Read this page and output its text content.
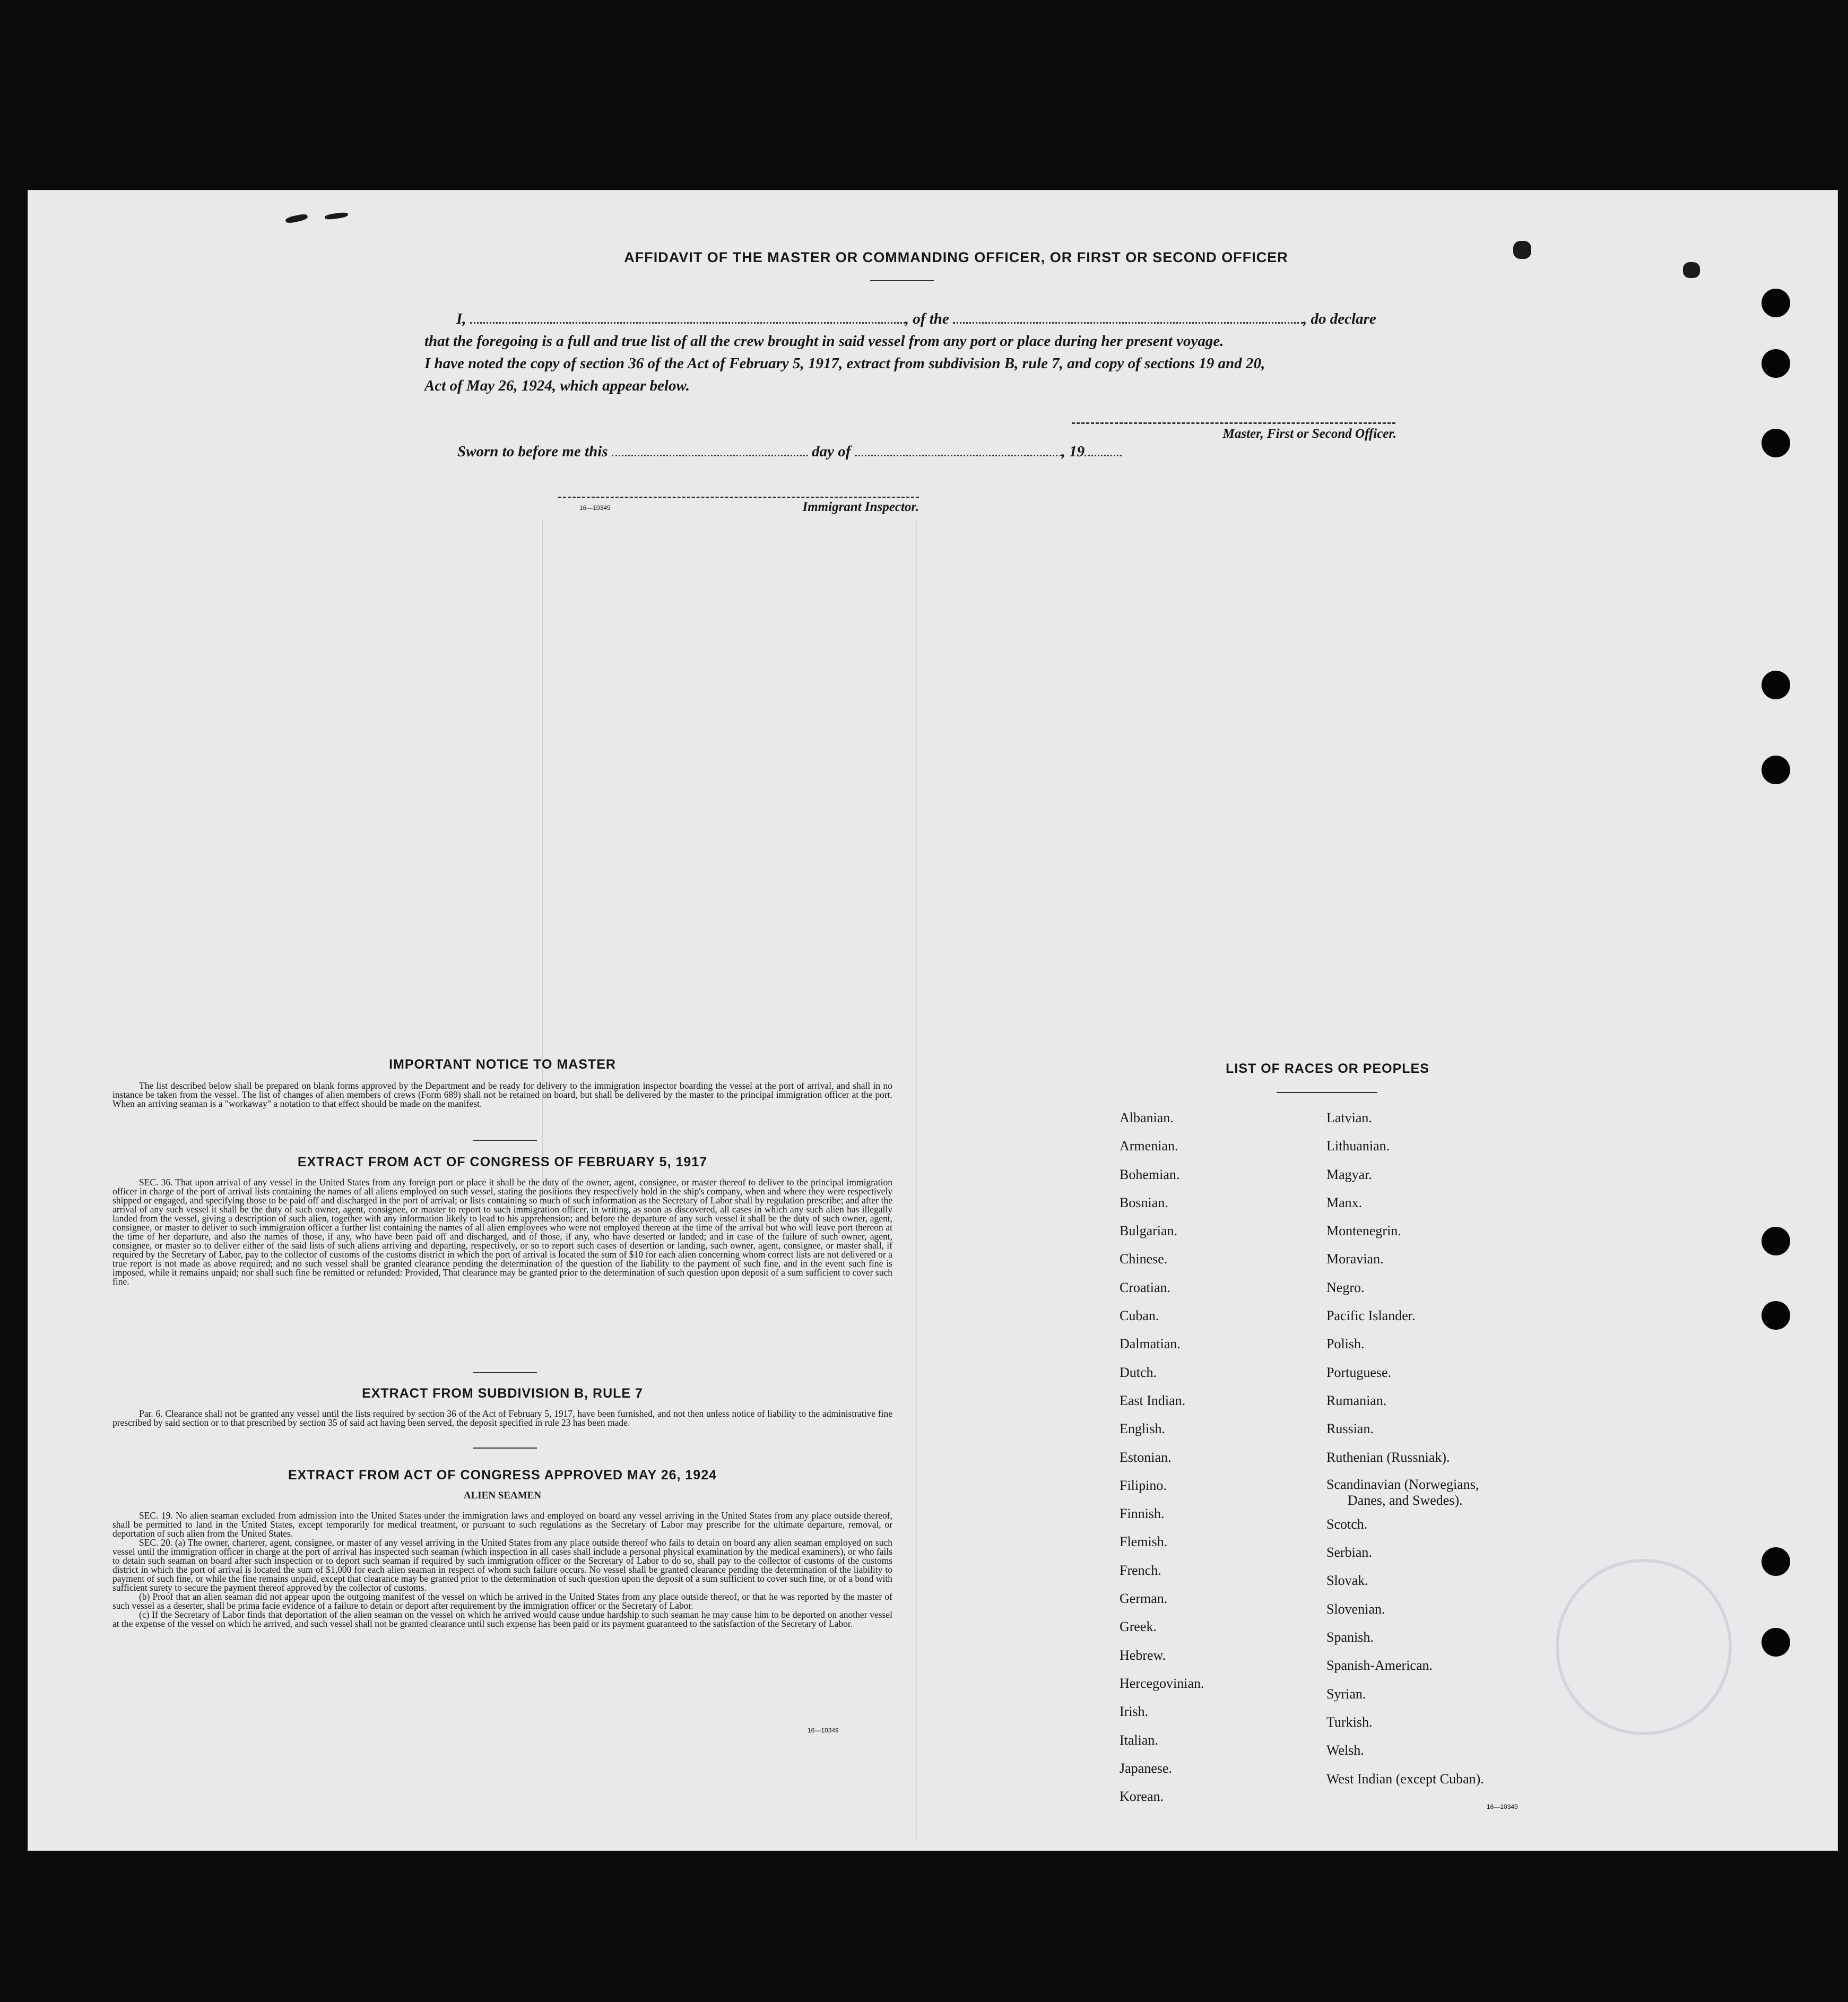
AFFIDAVIT OF THE MASTER OR COMMANDING OFFICER, OR FIRST OR SECOND OFFICER
I,	, of the	, do declare
that the foregoing is a full and true list of all the crew brought in said vessel from any port or place during her present voyage.
I have noted the copy of section 36 of the Act of February 5, 1917, extract from subdivision B, rule 7, and copy of sections 19 and 20,
Act of May 26, 1924, which appear below.
Master, First or Second Officer.
Sworn to before me this	day of	, 19
16—10349	Immigrant Inspector.
IMPORTANT NOTICE TO MASTER

The list described below shall be prepared on blank forms approved by the Department and be ready for delivery to the immigration inspector boarding the vessel at the port of arrival, and shall in no instance be taken from the vessel. The list of changes of alien members of crews (Form 689) shall not be retained on board, but shall be delivered by the master to the principal immigration officer at the port. When an arriving seaman is a "workaway" a notation to that effect should be made on the manifest.

EXTRACT FROM ACT OF CONGRESS OF FEBRUARY 5, 1917

SEC. 36. That upon arrival of any vessel in the United States from any foreign port or place it shall be the duty of the owner, agent, consignee, or master thereof to deliver to the principal immigration officer in charge of the port of arrival lists containing the names of all aliens employed on such vessel, stating the positions they respectively hold in the ship's company, when and where they were respectively shipped or engaged, and specifying those to be paid off and discharged in the port of arrival; or lists containing so much of such information as the Secretary of Labor shall by regulation prescribe; and after the arrival of any such vessel it shall be the duty of such owner, agent, consignee, or master to report to such immigration officer, in writing, as soon as discovered, all cases in which any such alien has illegally landed from the vessel, giving a description of such alien, together with any information likely to lead to his apprehension; and before the departure of any such vessel it shall be the duty of such owner, agent, consignee, or master to deliver to such immigration officer a further list containing the names of all alien employees who were not employed thereon at the time of the arrival but who will leave port thereon at the time of her departure, and also the names of those, if any, who have been paid off and discharged, and of those, if any, who have deserted or landed; and in case of the failure of such owner, agent, consignee, or master so to deliver either of the said lists of such aliens arriving and departing, respectively, or so to report such cases of desertion or landing, such owner, agent, consignee, or master shall, if required by the Secretary of Labor, pay to the collector of customs of the customs district in which the port of arrival is located the sum of $10 for each alien concerning whom correct lists are not delivered or a true report is not made as above required; and no such vessel shall be granted clearance pending the determination of the question of the liability to the payment of such fine, and in the event such fine is imposed, while it remains unpaid; nor shall such fine be remitted or refunded: Provided, That clearance may be granted prior to the determination of such question upon deposit of a sum sufficient to cover such fine.

EXTRACT FROM SUBDIVISION B, RULE 7

Par. 6. Clearance shall not be granted any vessel until the lists required by section 36 of the Act of February 5, 1917, have been furnished, and not then unless notice of liability to the administrative fine prescribed by said section or to that prescribed by section 35 of said act having been served, the deposit specified in rule 23 has been made.

EXTRACT FROM ACT OF CONGRESS APPROVED MAY 26, 1924
ALIEN SEAMEN

SEC. 19. No alien seaman excluded from admission into the United States under the immigration laws and employed on board any vessel arriving in the United States from any place outside thereof, shall be permitted to land in the United States, except temporarily for medical treatment, or pursuant to such regulations as the Secretary of Labor may prescribe for the ultimate departure, removal, or deportation of such alien from the United States.

SEC. 20. (a) The owner, charterer, agent, consignee, or master of any vessel arriving in the United States from any place outside thereof who fails to detain on board any alien seaman employed on such vessel until the immigration officer in charge at the port of arrival has inspected such seaman (which inspection in all cases shall include a personal physical examination by the medical examiners), or who fails to detain such seaman on board after such inspection or to deport such seaman if required by such immigration officer or the Secretary of Labor to do so, shall pay to the collector of customs of the customs district in which the port of arrival is located the sum of $1,000 for each alien seaman in respect of whom such failure occurs. No vessel shall be granted clearance pending the determination of the liability to payment of such fine, or while the fine remains unpaid, except that clearance may be granted prior to the determination of such question upon the deposit of a sum sufficient to cover such fine, or of a bond with sufficient surety to secure the payment thereof approved by the collector of customs.

(b) Proof that an alien seaman did not appear upon the outgoing manifest of the vessel on which he arrived in the United States from any place outside thereof, or that he was reported by the master of such vessel as a deserter, shall be prima facie evidence of a failure to detain or deport after requirement by the immigration officer or the Secretary of Labor.

(c) If the Secretary of Labor finds that deportation of the alien seaman on the vessel on which he arrived would cause undue hardship to such seaman he may cause him to be deported on another vessel at the expense of the vessel on which he arrived, and such vessel shall not be granted clearance until such expense has been paid or its payment guaranteed to the satisfaction of the Secretary of Labor.

16—10349
LIST OF RACES OR PEOPLES
Albanian.
Armenian.
Bohemian.
Bosnian.
Bulgarian.
Chinese.
Croatian.
Cuban.
Dalmatian.
Dutch.
East Indian.
English.
Estonian.
Filipino.
Finnish.
Flemish.
French.
German.
Greek.
Hebrew.
Hercegovinian.
Irish.
Italian.
Japanese.
Korean.
Latvian.
Lithuanian.
Magyar.
Manx.
Montenegrin.
Moravian.
Negro.
Pacific Islander.
Polish.
Portuguese.
Rumanian.
Russian.
Ruthenian (Russniak).
Scandinavian (Norwegians,
Danes, and Swedes).
Scotch.
Serbian.
Slovak.
Slovenian.
Spanish.
Spanish-American.
Syrian.
Turkish.
Welsh.
West Indian (except Cuban).
16—10349
